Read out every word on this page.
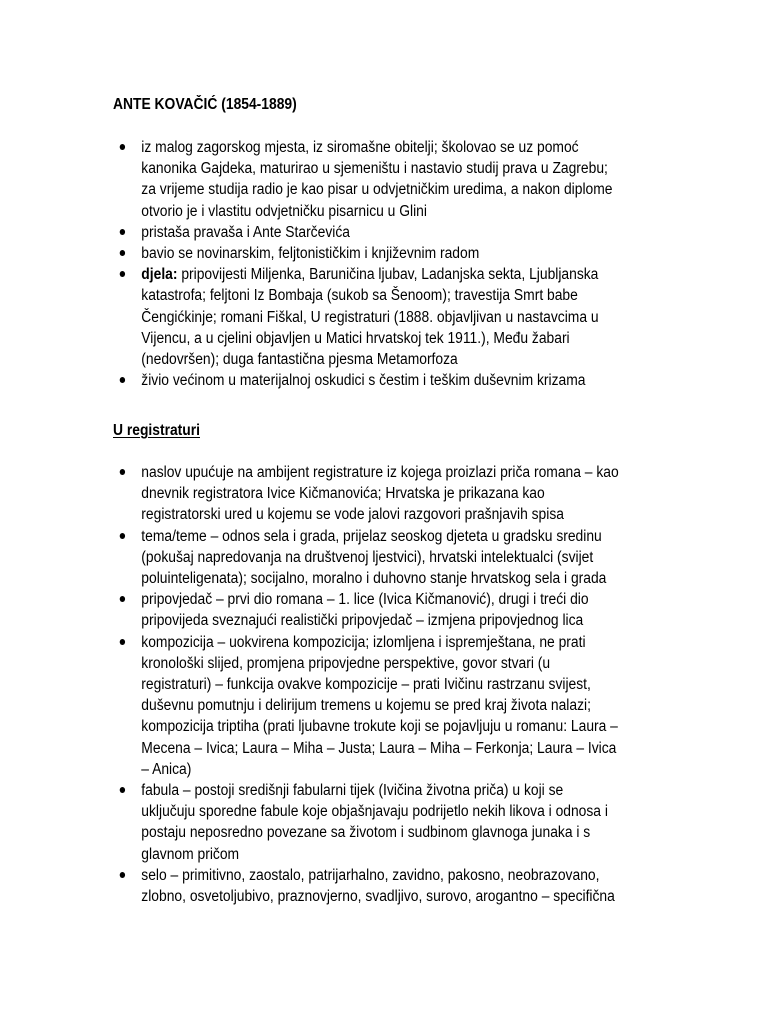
ANTE KOVAČIĆ (1854-1889)
iz malog zagorskog mjesta, iz siromašne obitelji; školovao se uz pomoć
kanonika Gajdeka, maturirao u sjemeništu i nastavio studij prava u Zagrebu;
za vrijeme studija radio je kao pisar u odvjetničkim uredima, a nakon diplome
otvorio je i vlastitu odvjetničku pisarnicu u Glini
pristaša pravaša i Ante Starčevića
bavio se novinarskim, feljtonističkim i književnim radom
djela: pripovijesti Miljenka, Baruničina ljubav, Ladanjska sekta, Ljubljanska
katastrofa; feljtoni Iz Bombaja (sukob sa Šenoom); travestija Smrt babe
Čengićkinje; romani Fiškal, U registraturi (1888. objavljivan u nastavcima u
Vijencu, a u cjelini objavljen u Matici hrvatskoj tek 1911.), Među žabari
(nedovršen); duga fantastična pjesma Metamorfoza
živio većinom u materijalnoj oskudici s čestim i teškim duševnim krizama
U registraturi
naslov upućuje na ambijent registrature iz kojega proizlazi priča romana – kao
dnevnik registratora Ivice Kičmanovića; Hrvatska je prikazana kao
registratorski ured u kojemu se vode jalovi razgovori prašnjavih spisa
tema/teme – odnos sela i grada, prijelaz seoskog djeteta u gradsku sredinu
(pokušaj napredovanja na društvenoj ljestvici), hrvatski intelektualci (svijet
poluinteligenata); socijalno, moralno i duhovno stanje hrvatskog sela i grada
pripovjedač – prvi dio romana – 1. lice (Ivica Kičmanović), drugi i treći dio
pripovijeda sveznajući realistički pripovjedač – izmjena pripovjednog lica
kompozicija – uokvirena kompozicija; izlomljena i ispremještana, ne prati
kronološki slijed, promjena pripovjedne perspektive, govor stvari (u
registraturi) – funkcija ovakve kompozicije – prati Ivičinu rastrzanu svijest,
duševnu pomutnju i delirijum tremens u kojemu se pred kraj života nalazi;
kompozicija triptiha (prati ljubavne trokute koji se pojavljuju u romanu: Laura –
Mecena – Ivica; Laura – Miha – Justa; Laura – Miha – Ferkonja; Laura – Ivica
– Anica)
fabula – postoji središnji fabularni tijek (Ivičina životna priča) u koji se
uključuju sporedne fabule koje objašnjavaju podrijetlo nekih likova i odnosa i
postaju neposredno povezane sa životom i sudbinom glavnoga junaka i s
glavnom pričom
selo – primitivno, zaostalo, patrijarhalno, zavidno, pakosno, neobrazovano,
zlobno, osvetoljubivo, praznovjerno, svadljivo, surovo, arogantno – specifična
